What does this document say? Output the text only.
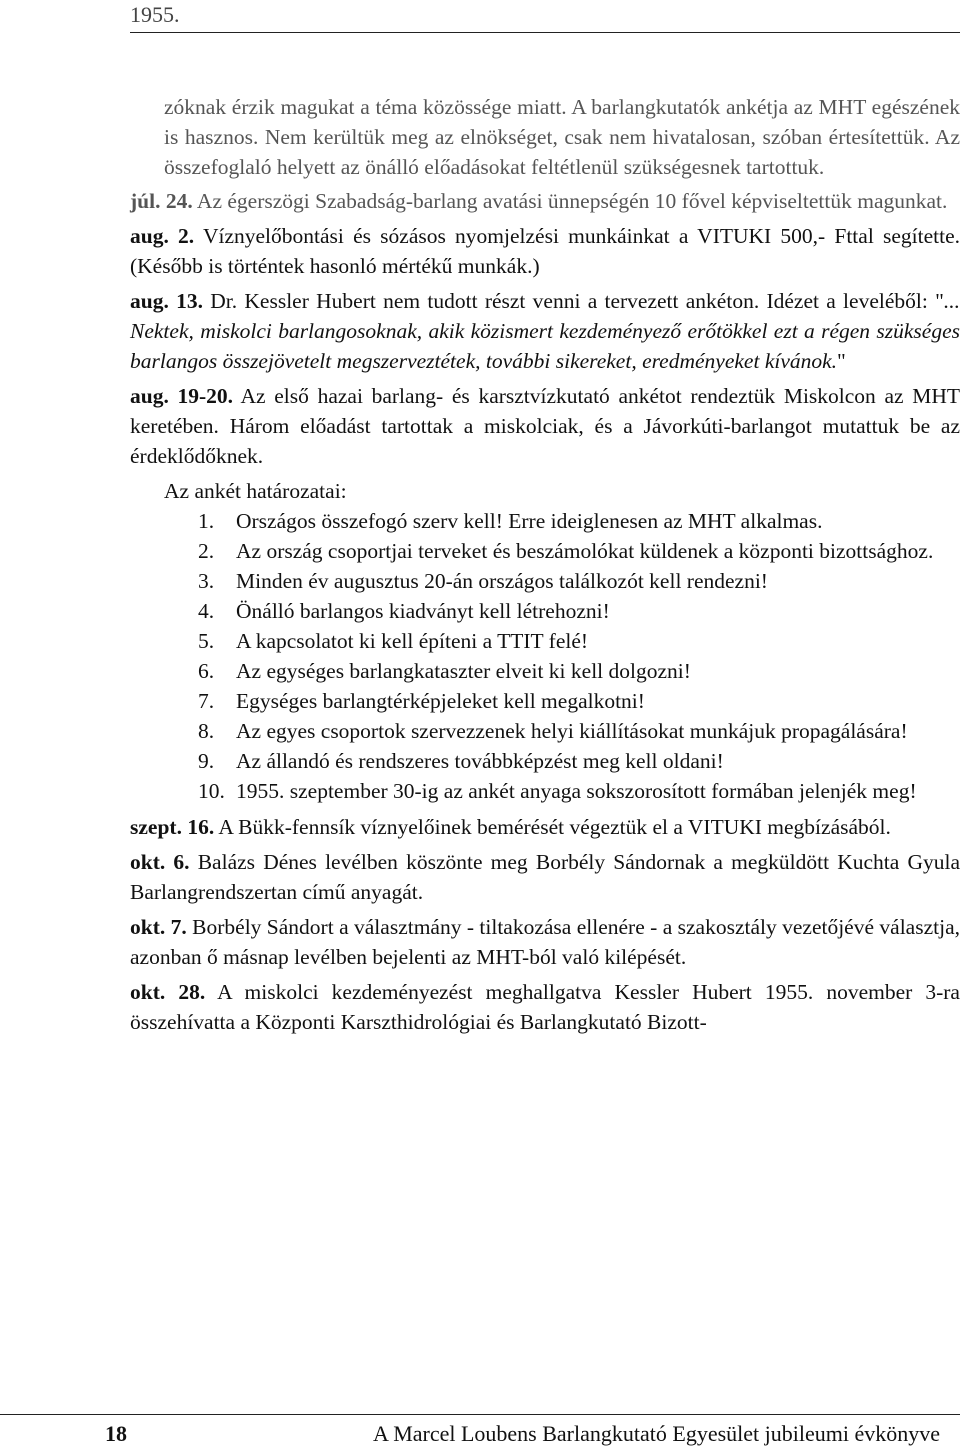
1955.

zóknak érzik magukat a téma közössége miatt. A barlangkutatók ankétja az MHT egészének is hasznos. Nem kerültük meg az elnökséget, csak nem hivatalosan, szóban értesítettük. Az összefoglaló helyett az önálló előadásokat feltétlenül szükségesnek tartottuk.

júl. 24. Az égerszögi Szabadság-barlang avatási ünnepségén 10 fővel képviseltettük magunkat.

aug. 2. Víznyelőbontási és sózásos nyomjelzési munkáinkat a VITUKI 500,- Fttal segítette. (Később is történtek hasonló mértékű munkák.)

aug. 13. Dr. Kessler Hubert nem tudott részt venni a tervezett ankéton. Idézet a leveléből: "... Nektek, miskolci barlangosoknak, akik közismert kezdeményező erőtökkel ezt a régen szükséges barlangos összejövetelt megszerveztétek, további sikereket, eredményeket kívánok."

aug. 19-20. Az első hazai barlang- és karsztvízkutató ankétot rendeztük Miskolcon az MHT keretében. Három előadást tartottak a miskolciak, és a Jávorkúti-barlangot mutattuk be az érdeklődőknek.

Az ankét határozatai:

1. Országos összefogó szerv kell! Erre ideiglenesen az MHT alkalmas.
2. Az ország csoportjai terveket és beszámolókat küldenek a központi bizottsághoz.
3. Minden év augusztus 20-án országos találkozót kell rendezni!
4. Önálló barlangos kiadványt kell létrehozni!
5. A kapcsolatot ki kell építeni a TTIT felé!
6. Az egységes barlangkataszter elveit ki kell dolgozni!
7. Egységes barlangtérképjeleket kell megalkotni!
8. Az egyes csoportok szervezzenek helyi kiállításokat munkájuk propagálására!
9. Az állandó és rendszeres továbbképzést meg kell oldani!
10. 1955. szeptember 30-ig az ankét anyaga sokszorosított formában jelenjék meg!

szept. 16. A Bükk-fennsík víznyelőinek bemérését végeztük el a VITUKI megbízásából.

okt. 6. Balázs Dénes levélben köszönte meg Borbély Sándornak a megküldött Kuchta Gyula Barlangrendszertan című anyagát.

okt. 7. Borbély Sándort a választmány - tiltakozása ellenére - a szakosztály vezetőjévé választja, azonban ő másnap levélben bejelenti az MHT-ból való kilépését.

okt. 28. A miskolci kezdeményezést meghallgatva Kessler Hubert 1955. november 3-ra összehívatta a Központi Karszthidrológiai és Barlangkutató Bizott-

18	A Marcel Loubens Barlangkutató Egyesület jubileumi évkönyve
